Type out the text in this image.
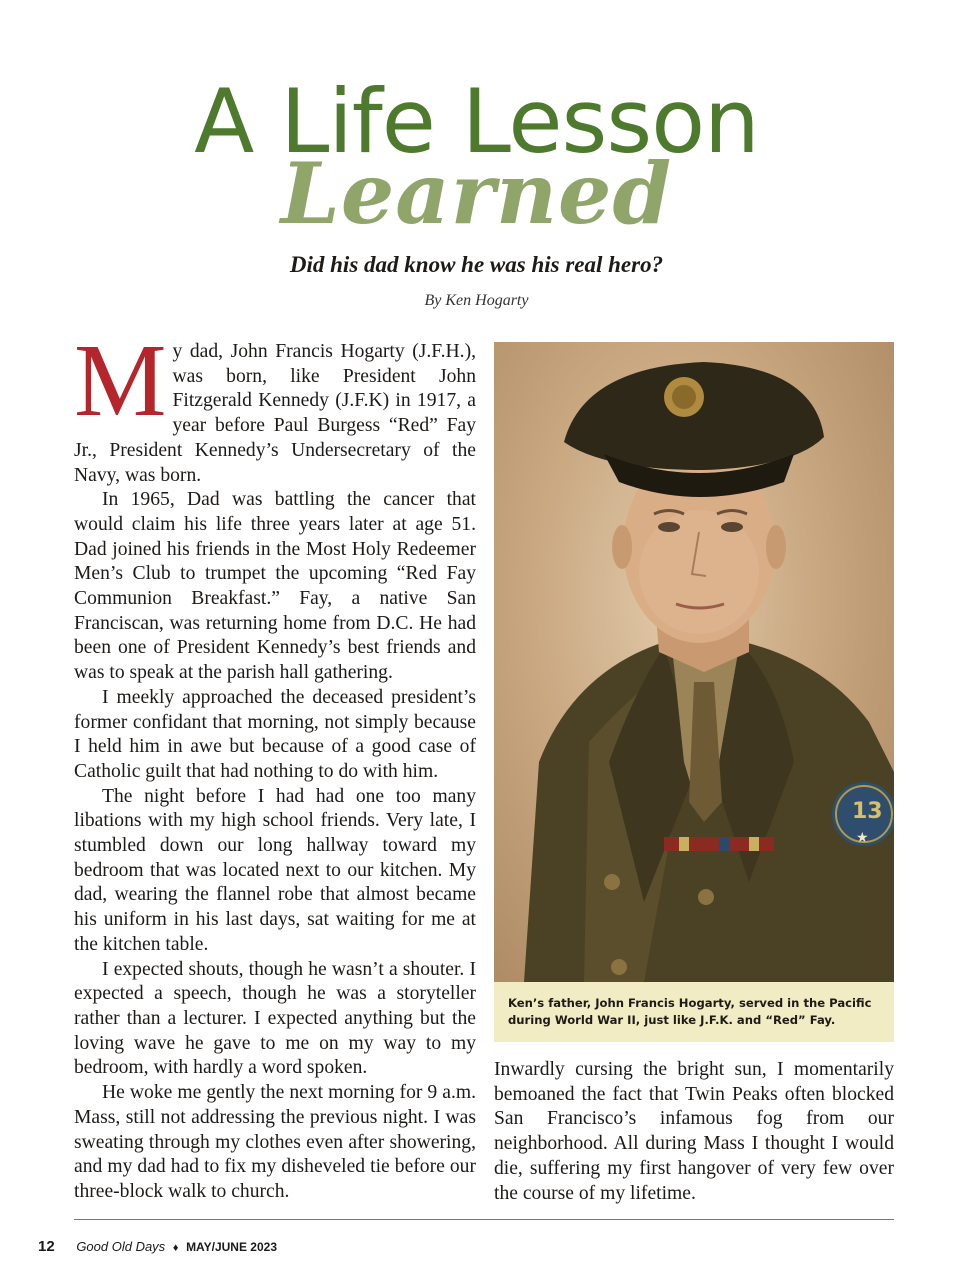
A Life Lesson
Learned
Did his dad know he was his real hero?
By Ken Hogarty

My dad, John Francis Hogarty (J.F.H.), was born, like President John Fitzgerald Kennedy (J.F.K) in 1917, a year before Paul Burgess “Red” Fay Jr., President Kennedy’s Undersecretary of the Navy, was born.

In 1965, Dad was battling the cancer that would claim his life three years later at age 51. Dad joined his friends in the Most Holy Redeemer Men’s Club to trumpet the upcoming “Red Fay Communion Breakfast.” Fay, a native San Franciscan, was returning home from D.C. He had been one of President Kennedy’s best friends and was to speak at the parish hall gathering.

I meekly approached the deceased president’s former confidant that morning, not simply because I held him in awe but because of a good case of Catholic guilt that had nothing to do with him.

The night before I had had one too many libations with my high school friends. Very late, I stumbled down our long hallway toward my bedroom that was located next to our kitchen. My dad, wearing the flannel robe that almost became his uniform in his last days, sat waiting for me at the kitchen table.

I expected shouts, though he wasn’t a shouter. I expected a speech, though he was a storyteller rather than a lecturer. I expected anything but the loving wave he gave to me on my way to my bedroom, with hardly a word spoken.

He woke me gently the next morning for 9 a.m. Mass, still not addressing the previous night. I was sweating through my clothes even after showering, and my dad had to fix my disheveled tie before our three-block walk to church.

13
★
Ken’s father, John Francis Hogarty, served in the Pacific during World War II, just like J.F.K. and “Red” Fay.

Inwardly cursing the bright sun, I momentarily bemoaned the fact that Twin Peaks often blocked San Francisco’s infamous fog from our neighborhood. All during Mass I thought I would die, suffering my first hangover of very few over the course of my lifetime.

12 Good Old Days ♦ MAY/JUNE 2023
